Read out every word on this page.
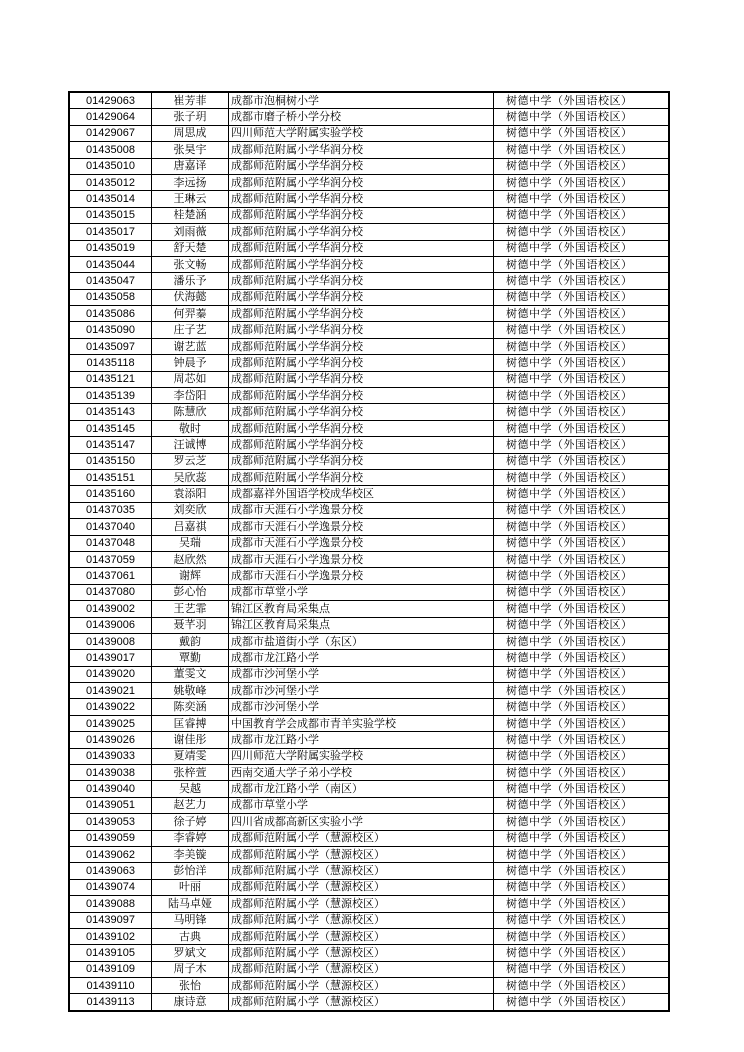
01429063	崔芳菲	成都市泡桐树小学	树德中学（外国语校区）
01429064	张子玥	成都市磨子桥小学分校	树德中学（外国语校区）
01429067	周思成	四川师范大学附属实验学校	树德中学（外国语校区）
01435008	张昊宇	成都师范附属小学华润分校	树德中学（外国语校区）
01435010	唐嘉译	成都师范附属小学华润分校	树德中学（外国语校区）
01435012	李远扬	成都师范附属小学华润分校	树德中学（外国语校区）
01435014	王琳云	成都师范附属小学华润分校	树德中学（外国语校区）
01435015	桂楚涵	成都师范附属小学华润分校	树德中学（外国语校区）
01435017	刘雨薇	成都师范附属小学华润分校	树德中学（外国语校区）
01435019	舒天楚	成都师范附属小学华润分校	树德中学（外国语校区）
01435044	张文畅	成都师范附属小学华润分校	树德中学（外国语校区）
01435047	潘乐予	成都师范附属小学华润分校	树德中学（外国语校区）
01435058	伏海懿	成都师范附属小学华润分校	树德中学（外国语校区）
01435086	何羿蓁	成都师范附属小学华润分校	树德中学（外国语校区）
01435090	庄子艺	成都师范附属小学华润分校	树德中学（外国语校区）
01435097	谢艺蓝	成都师范附属小学华润分校	树德中学（外国语校区）
01435118	钟晨予	成都师范附属小学华润分校	树德中学（外国语校区）
01435121	周芯如	成都师范附属小学华润分校	树德中学（外国语校区）
01435139	李岱阳	成都师范附属小学华润分校	树德中学（外国语校区）
01435143	陈慧欣	成都师范附属小学华润分校	树德中学（外国语校区）
01435145	敬时	成都师范附属小学华润分校	树德中学（外国语校区）
01435147	汪诚博	成都师范附属小学华润分校	树德中学（外国语校区）
01435150	罗云芝	成都师范附属小学华润分校	树德中学（外国语校区）
01435151	吴欣蕊	成都师范附属小学华润分校	树德中学（外国语校区）
01435160	袁添阳	成都嘉祥外国语学校成华校区	树德中学（外国语校区）
01437035	刘奕欣	成都市天涯石小学逸景分校	树德中学（外国语校区）
01437040	吕嘉祺	成都市天涯石小学逸景分校	树德中学（外国语校区）
01437048	吴瑞	成都市天涯石小学逸景分校	树德中学（外国语校区）
01437059	赵欣然	成都市天涯石小学逸景分校	树德中学（外国语校区）
01437061	谢辉	成都市天涯石小学逸景分校	树德中学（外国语校区）
01437080	彭心怡	成都市草堂小学	树德中学（外国语校区）
01439002	王艺霏	锦江区教育局采集点	树德中学（外国语校区）
01439006	聂芊羽	锦江区教育局采集点	树德中学（外国语校区）
01439008	戴韵	成都市盐道街小学（东区）	树德中学（外国语校区）
01439017	覃勤	成都市龙江路小学	树德中学（外国语校区）
01439020	董雯文	成都市沙河堡小学	树德中学（外国语校区）
01439021	姚敬峰	成都市沙河堡小学	树德中学（外国语校区）
01439022	陈奕涵	成都市沙河堡小学	树德中学（外国语校区）
01439025	匡睿搏	中国教育学会成都市青羊实验学校	树德中学（外国语校区）
01439026	谢佳彤	成都市龙江路小学	树德中学（外国语校区）
01439033	夏靖雯	四川师范大学附属实验学校	树德中学（外国语校区）
01439038	张梓萱	西南交通大学子弟小学校	树德中学（外国语校区）
01439040	吴越	成都市龙江路小学（南区）	树德中学（外国语校区）
01439051	赵艺力	成都市草堂小学	树德中学（外国语校区）
01439053	徐子婷	四川省成都高新区实验小学	树德中学（外国语校区）
01439059	李睿婷	成都师范附属小学（慧源校区）	树德中学（外国语校区）
01439062	李美镟	成都师范附属小学（慧源校区）	树德中学（外国语校区）
01439063	彭怡洋	成都师范附属小学（慧源校区）	树德中学（外国语校区）
01439074	叶丽	成都师范附属小学（慧源校区）	树德中学（外国语校区）
01439088	陆马卓娅	成都师范附属小学（慧源校区）	树德中学（外国语校区）
01439097	马明锋	成都师范附属小学（慧源校区）	树德中学（外国语校区）
01439102	古典	成都师范附属小学（慧源校区）	树德中学（外国语校区）
01439105	罗斌文	成都师范附属小学（慧源校区）	树德中学（外国语校区）
01439109	周子木	成都师范附属小学（慧源校区）	树德中学（外国语校区）
01439110	张怡	成都师范附属小学（慧源校区）	树德中学（外国语校区）
01439113	康诗意	成都师范附属小学（慧源校区）	树德中学（外国语校区）
